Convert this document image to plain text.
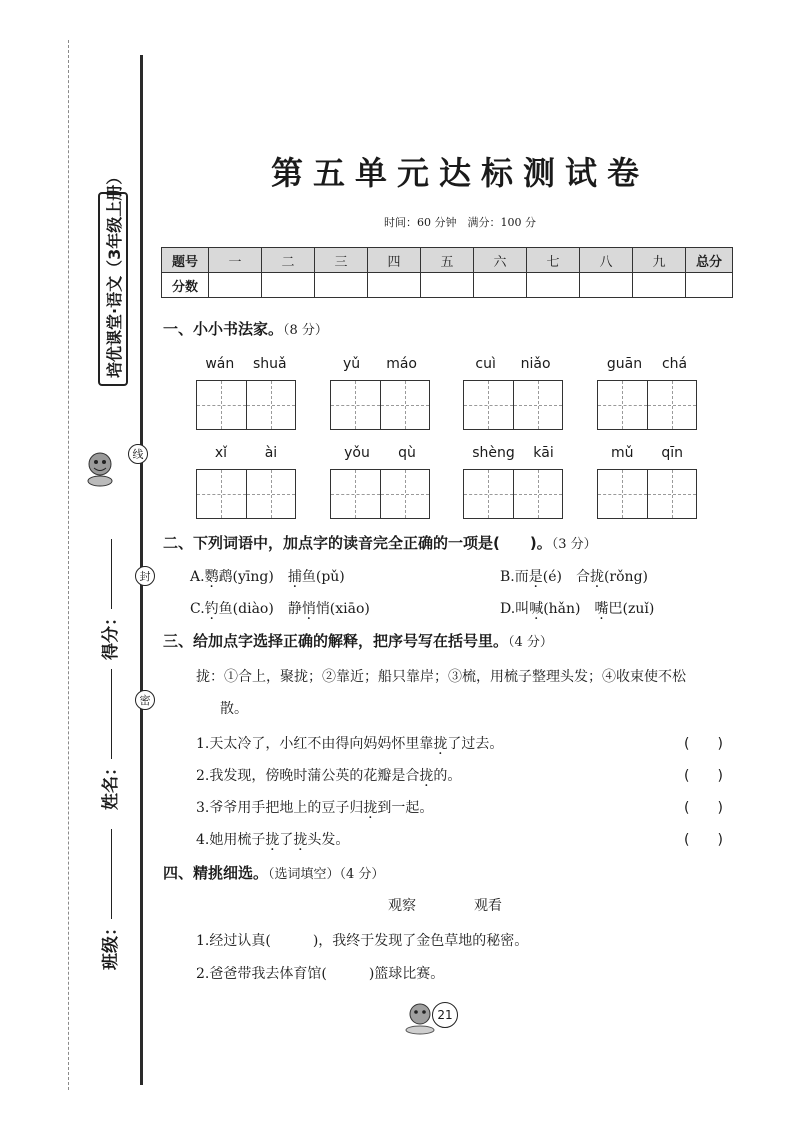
培优课堂·语文（3年级上册）
线
封
密
得分：
姓名：
班级：
第五单元达标测试卷
时间：60 分钟　满分：100 分
题号	一	二	三	四	五	六	七	八	九	总分
分数										
一、小小书法家。（8 分）
wán shuǎ	yǔ máo	cuì niǎo	guān chá
xǐ	ài	yǒu qù	shèng kāi	mǔ qīn
二、下列词语中，加点字的读音完全正确的一项是(　　)。（3 分）
A.鹦鹉(yīng)　 捕鱼(pǔ)	B.而是(é)　 合拢(rǒng)
C.钓鱼(diào)　 静悄悄(xiāo)	D.叫喊(hǎn)　 嘴巴(zuǐ)
三、给加点字选择正确的解释，把序号写在括号里。（4 分）
拢：①合上，聚拢；②靠近；船只靠岸；③梳，用梳子整理头发；④收束使不松
散。
1.天太冷了，小红不由得向妈妈怀里靠拢了过去。
2.我发现，傍晚时蒲公英的花瓣是合拢的。
3.爷爷用手把地上的豆子归拢到一起。
4.她用梳子拢了拢头发。
(　　)
(　　)
(　　)
(　　)
四、精挑细选。（选词填空）（4 分）
观察	观看
1.经过认真(　　　)，我终于发现了金色草地的秘密。
2.爸爸带我去体育馆(　　　)篮球比赛。
21
